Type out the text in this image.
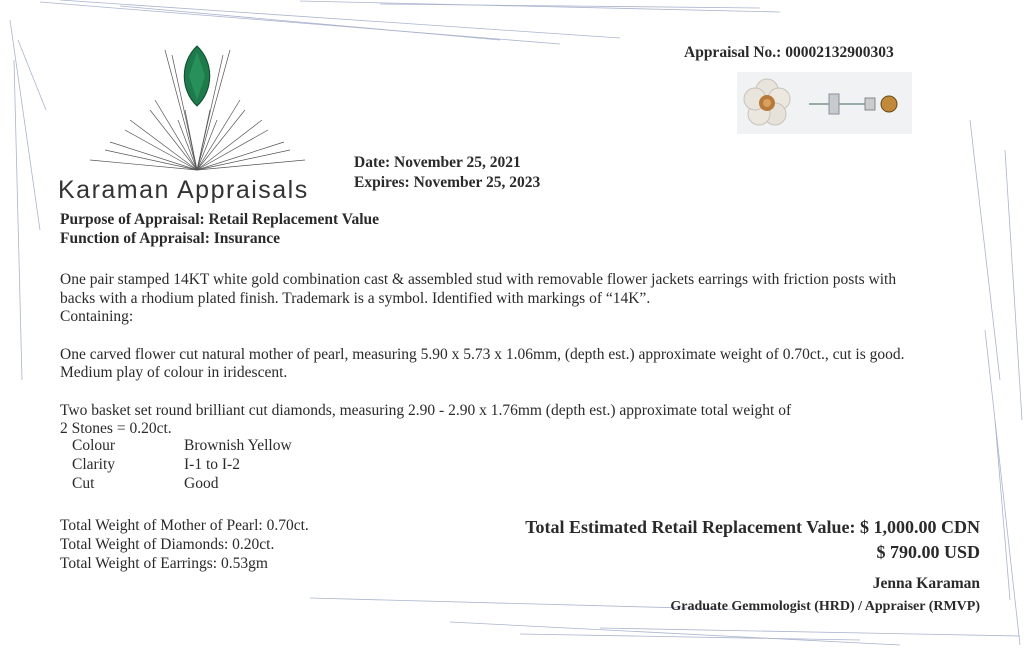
Karaman Appraisals
Appraisal No.: 00002132900303
Date: November 25, 2021
Expires: November 25, 2023
Purpose of Appraisal: Retail Replacement Value
Function of Appraisal: Insurance
One pair stamped 14KT white gold combination cast & assembled stud with removable flower jackets earrings with friction posts with
backs with a rhodium plated finish. Trademark is a symbol. Identified with markings of “14K”.
Containing:
One carved flower cut natural mother of pearl, measuring 5.90 x 5.73 x 1.06mm, (depth est.) approximate weight of 0.70ct., cut is good.
Medium play of colour in iridescent.
Two basket set round brilliant cut diamonds, measuring 2.90 - 2.90 x 1.76mm (depth est.) approximate total weight of
2 Stones = 0.20ct.
Colour	Brownish Yellow
Clarity	I-1 to I-2
Cut	Good
Total Weight of Mother of Pearl: 0.70ct.
Total Weight of Diamonds: 0.20ct.
Total Weight of Earrings: 0.53gm
Total Estimated Retail Replacement Value: $ 1,000.00 CDN
$ 790.00 USD
Jenna Karaman
Graduate Gemmologist (HRD) / Appraiser (RMVP)
